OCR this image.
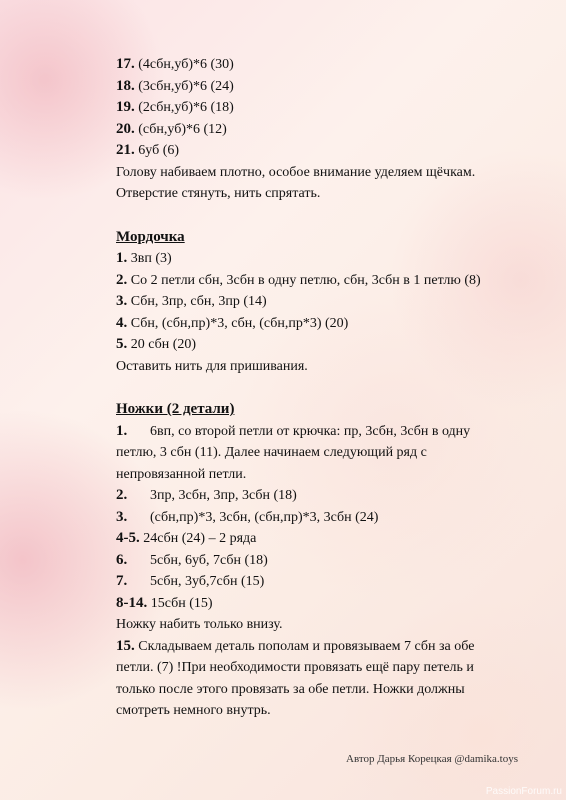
17. (4сбн,уб)*6 (30)
18. (3сбн,уб)*6 (24)
19. (2сбн,уб)*6 (18)
20. (сбн,уб)*6 (12)
21. 6уб (6)
Голову набиваем плотно, особое внимание уделяем щёчкам.
Отверстие стянуть, нить спрятать.
Мордочка
1. 3вп (3)
2. Со 2 петли сбн, 3сбн в одну петлю, сбн, 3сбн в 1 петлю (8)
3. Сбн, 3пр, сбн, 3пр (14)
4. Сбн, (сбн,пр)*3, сбн, (сбн,пр*3) (20)
5. 20 сбн (20)
Оставить нить для пришивания.
Ножки (2 детали)
1. 6вп, со второй петли от крючка: пр, 3сбн, 3сбн в одну
петлю, 3 сбн (11). Далее начинаем следующий ряд с
непровязанной петли.
2. 3пр, 3сбн, 3пр, 3сбн (18)
3. (сбн,пр)*3, 3сбн, (сбн,пр)*3, 3сбн (24)
4-5. 24сбн (24) – 2 ряда
6. 5сбн, 6уб, 7сбн (18)
7. 5сбн, 3уб,7сбн (15)
8-14. 15сбн (15)
Ножку набить только внизу.
15. Складываем деталь пополам и провязываем 7 сбн за обе
петли. (7) !При необходимости провязать ещё пару петель и
только после этого провязать за обе петли. Ножки должны
смотреть немного внутрь.
Автор Дарья Корецкая @damika.toys
PassionForum.ru
